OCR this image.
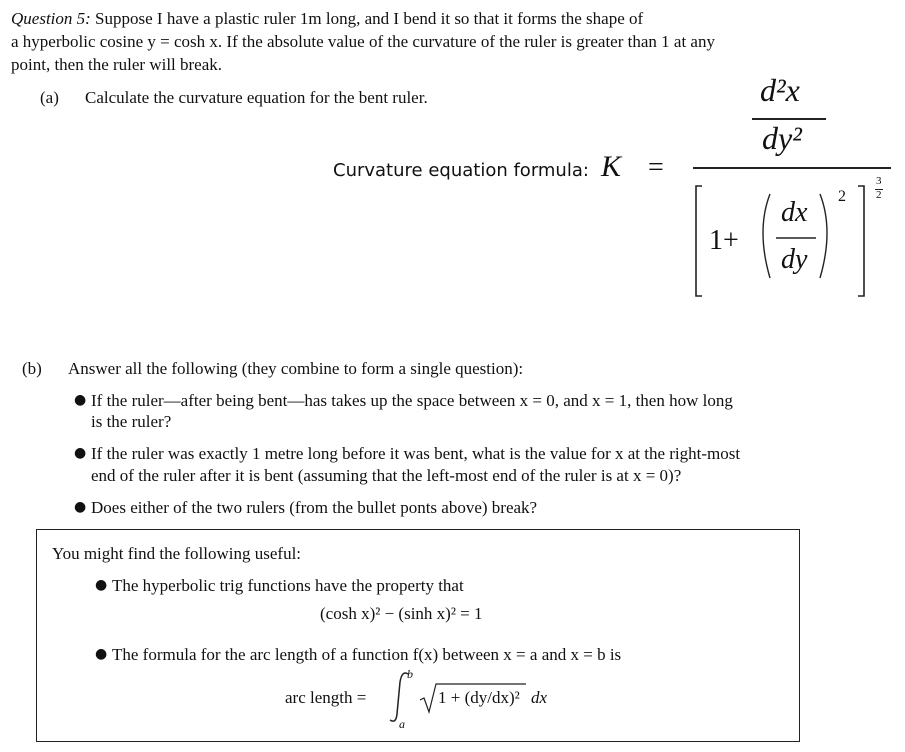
Question 5: Suppose I have a plastic ruler 1m long, and I bend it so that it forms the shape of
a hyperbolic cosine y = cosh x. If the absolute value of the curvature of the ruler is greater than 1 at any
point, then the ruler will break.
(a) Calculate the curvature equation for the bent ruler.
Curvature equation formula: K =
d²x
dy²
1+
dx
dy
2
3
2
(b) Answer all the following (they combine to form a single question):
● If the ruler—after being bent—has takes up the space between x = 0, and x = 1, then how long
is the ruler?
● If the ruler was exactly 1 metre long before it was bent, what is the value for x at the right-most
end of the ruler after it is bent (assuming that the left-most end of the ruler is at x = 0)?
● Does either of the two rulers (from the bullet ponts above) break?
You might find the following useful:
● The hyperbolic trig functions have the property that
(cosh x)² − (sinh x)² = 1
● The formula for the arc length of a function f(x) between x = a and x = b is
arc length =
b
a
1 + (dy/dx)² dx
